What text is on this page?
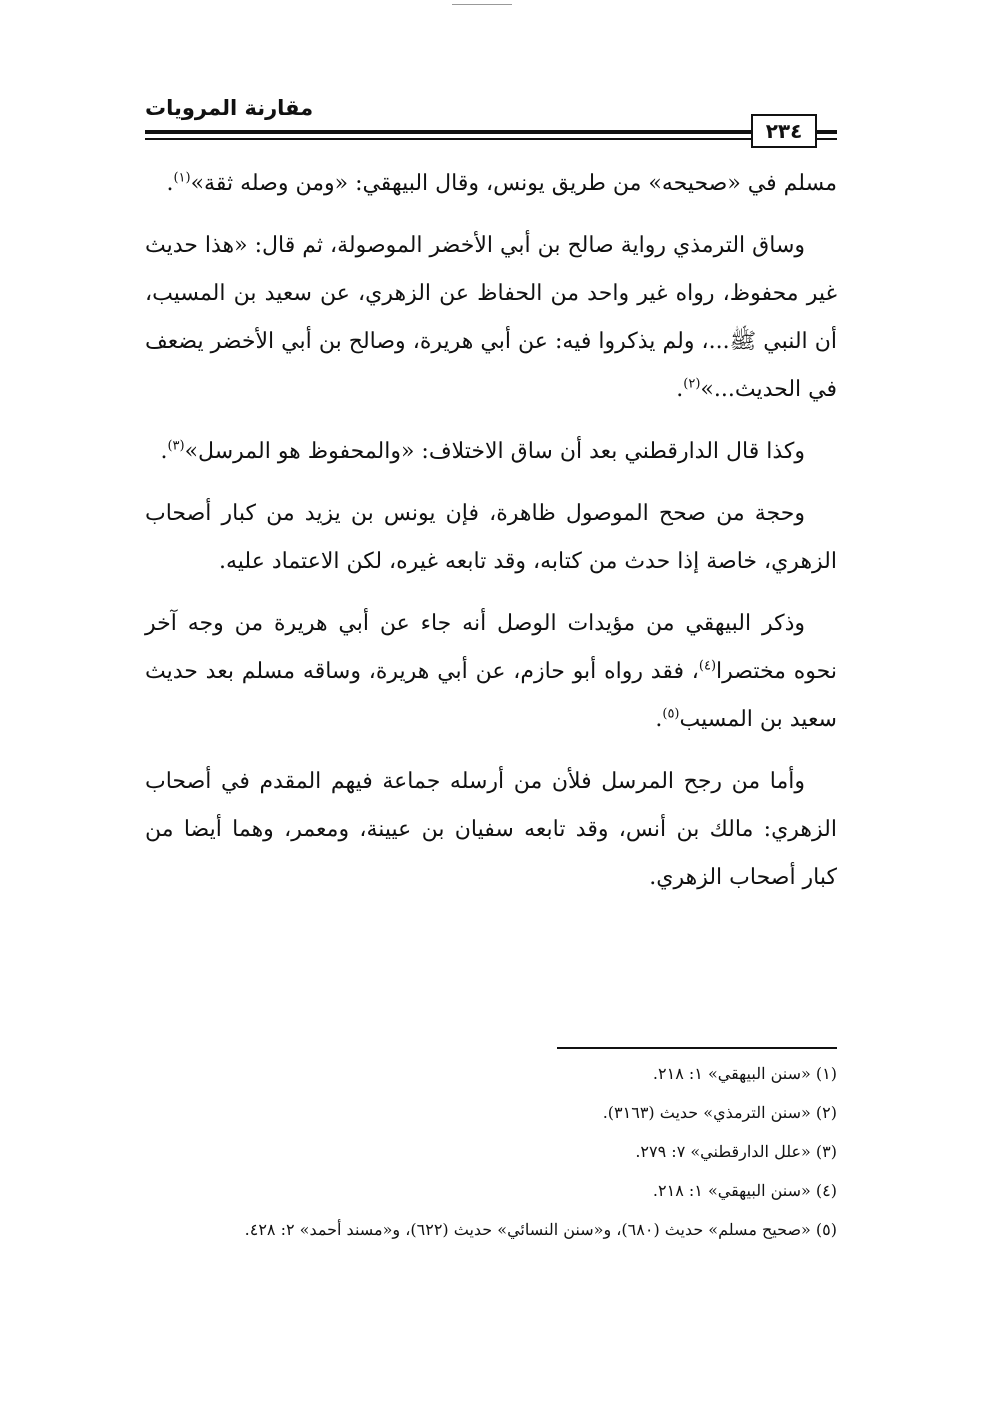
مقارنة المرويات
٢٣٤

مسلم في «صحيحه» من طريق يونس، وقال البيهقي: «ومن وصله ثقة»$^{(١)}$.

وساق الترمذي رواية صالح بن أبي الأخضر الموصولة، ثم قال: «هذا حديث غير محفوظ، رواه غير واحد من الحفاظ عن الزهري، عن سعيد بن المسيب، أن النبي ﷺ...، ولم يذكروا فيه: عن أبي هريرة، وصالح بن أبي الأخضر يضعف في الحديث...»$^{(٢)}$.

وكذا قال الدارقطني بعد أن ساق الاختلاف: «والمحفوظ هو المرسل»$^{(٣)}$.

وحجة من صحح الموصول ظاهرة، فإن يونس بن يزيد من كبار أصحاب الزهري، خاصة إذا حدث من كتابه، وقد تابعه غيره، لكن الاعتماد عليه.

وذكر البيهقي من مؤيدات الوصل أنه جاء عن أبي هريرة من وجه آخر نحوه مختصرا$^{(٤)}$، فقد رواه أبو حازم، عن أبي هريرة، وساقه مسلم بعد حديث سعيد بن المسيب$^{(٥)}$.

وأما من رجح المرسل فلأن من أرسله جماعة فيهم المقدم في أصحاب الزهري: مالك بن أنس، وقد تابعه سفيان بن عيينة، ومعمر، وهما أيضا من كبار أصحاب الزهري.

(١) «سنن البيهقي» ١: ٢١٨.
(٢) «سنن الترمذي» حديث (٣١٦٣).
(٣) «علل الدارقطني» ٧: ٢٧٩.
(٤) «سنن البيهقي» ١: ٢١٨.
(٥) «صحيح مسلم» حديث (٦٨٠)، و«سنن النسائي» حديث (٦٢٢)، و«مسند أحمد» ٢: ٤٢٨.
